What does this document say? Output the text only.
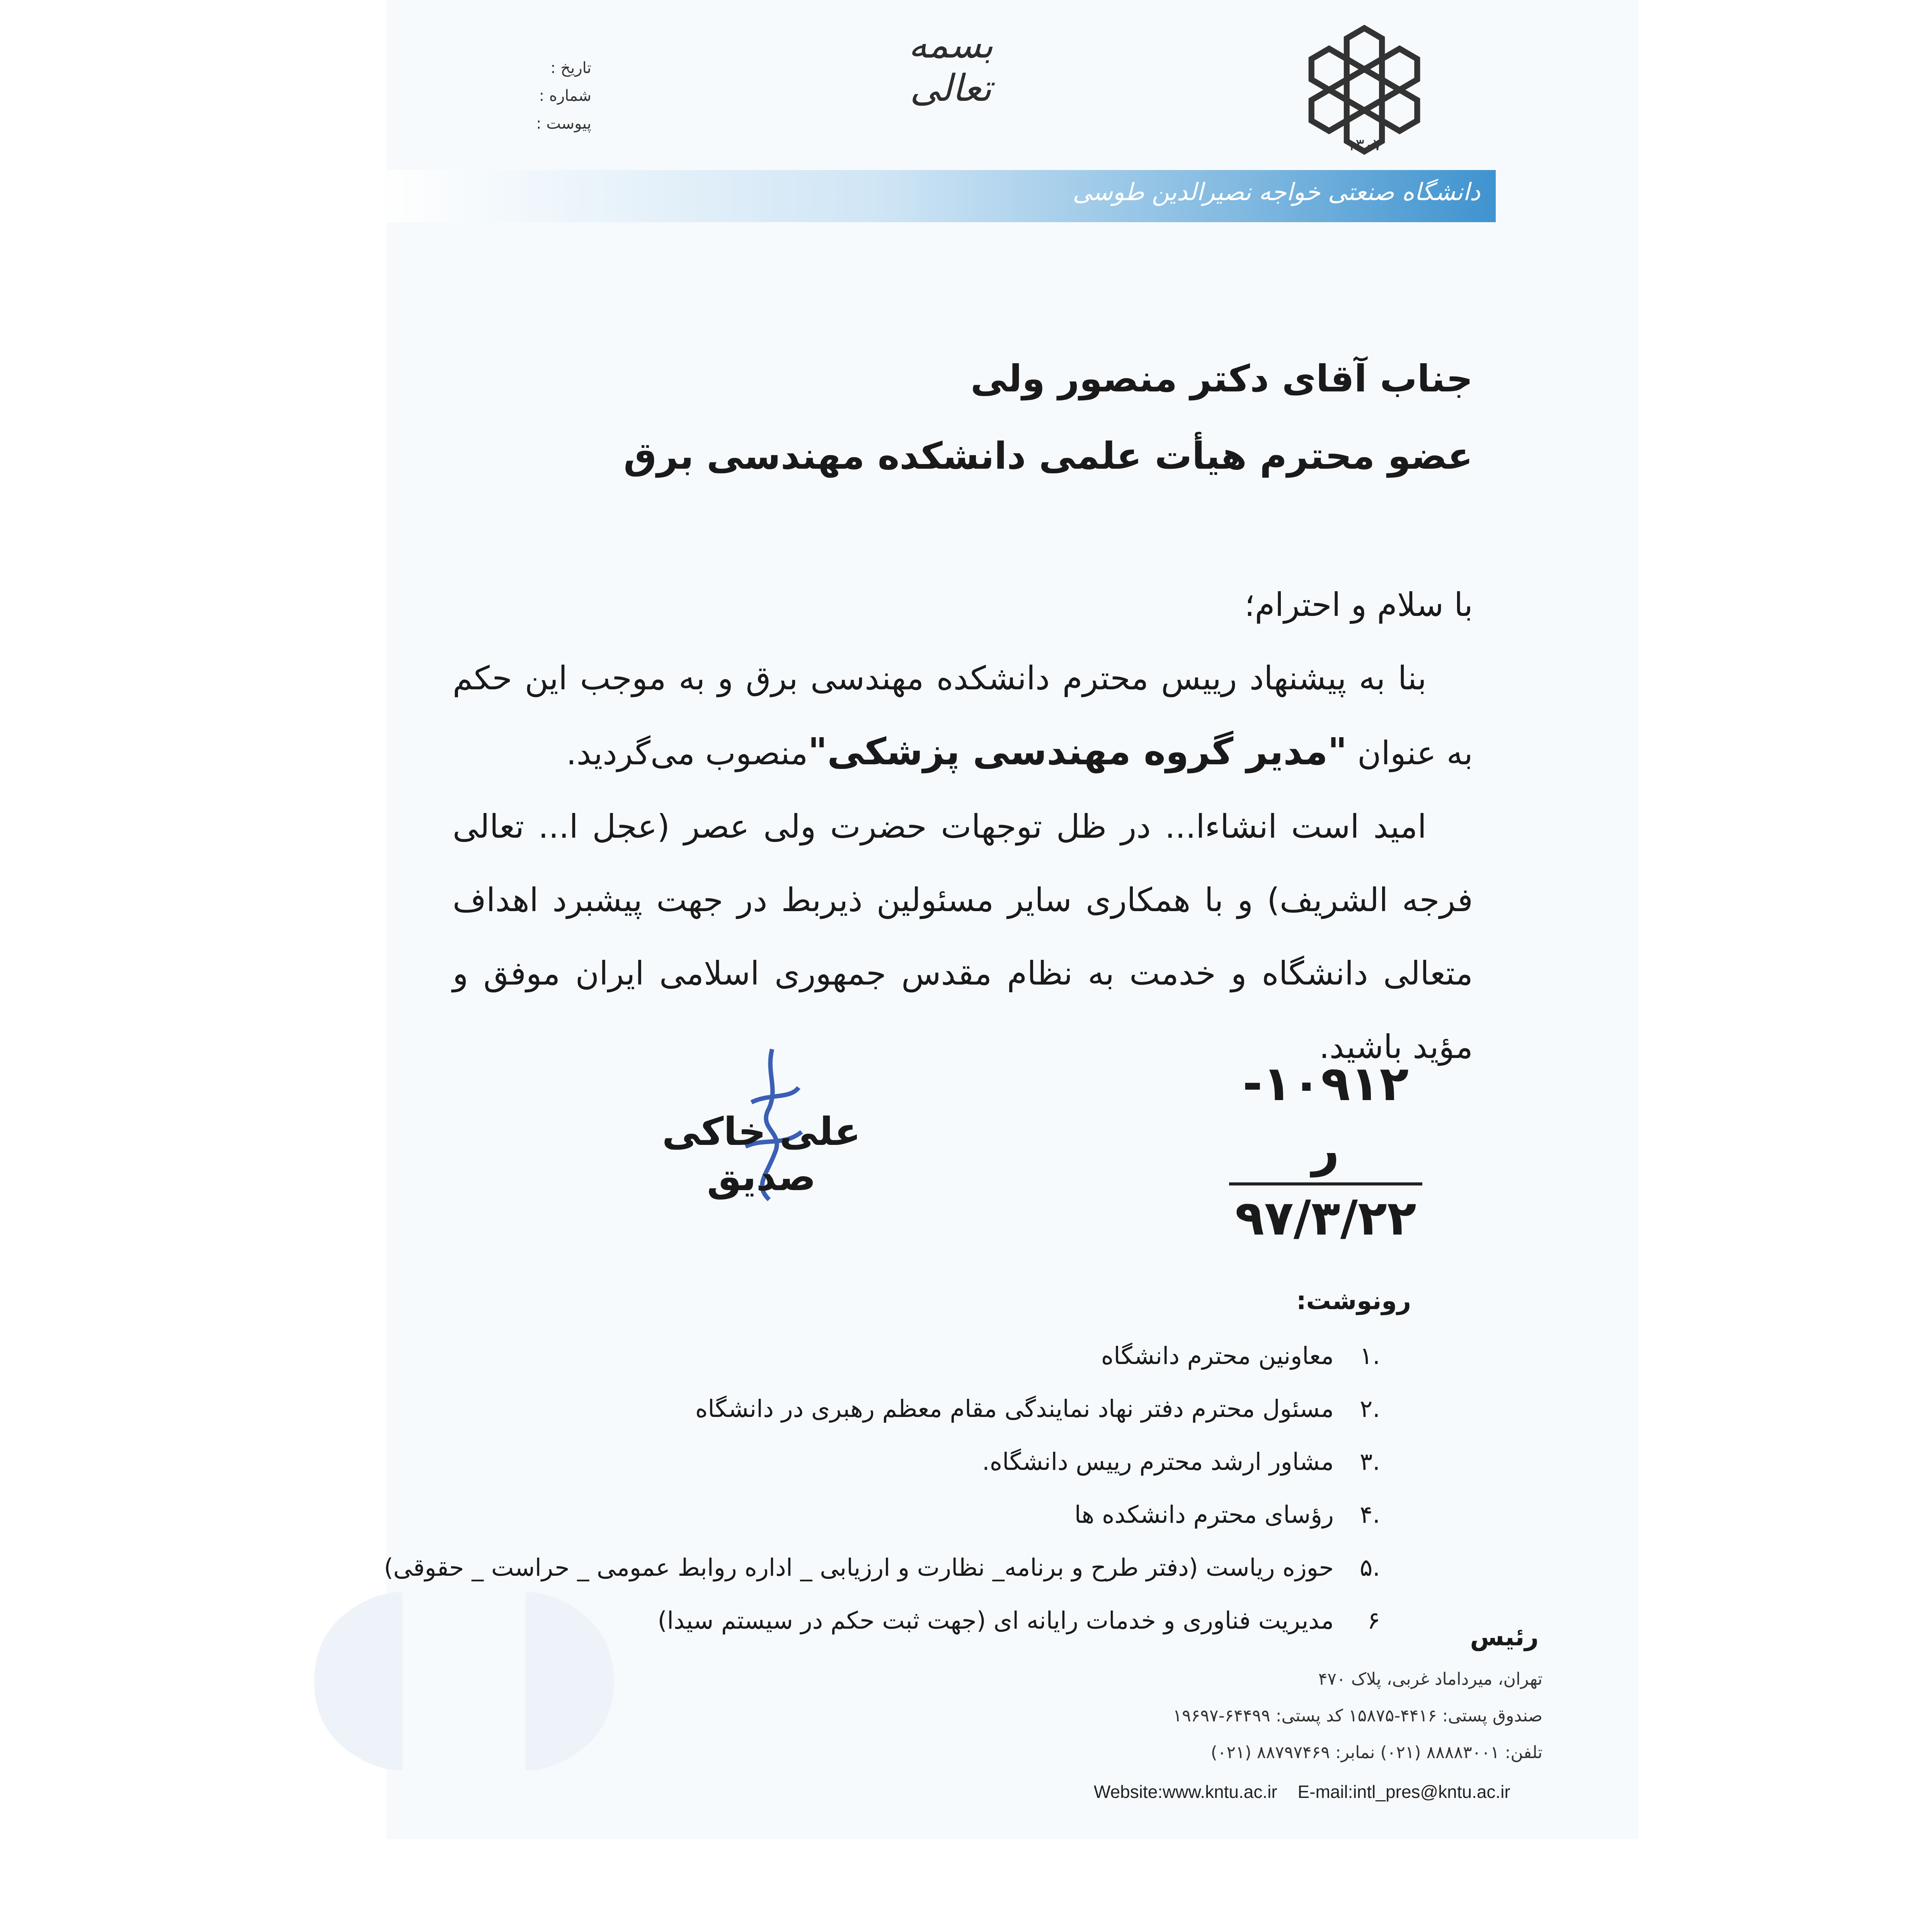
◖ ◗
بسمه تعالی
تاریخ :
شماره :
پیوست :
۱۳۰۷
دانشگاه صنعتی خواجه نصیرالدین طوسی
جناب آقای دکتر منصور ولی
عضو محترم هیأت علمی دانشکده مهندسی برق

با سلام و احترام؛

بنا به پیشنهاد رییس محترم دانشکده مهندسی برق و به موجب این حکم به عنوان "مدیر گروه مهندسی پزشکی"منصوب می‌گردید.

امید است انشاءا... در ظل توجهات حضرت ولی عصر (عجل ا... تعالی فرجه الشریف) و با همکاری سایر مسئولین ذیربط در جهت پیشبرد اهداف متعالی دانشگاه و خدمت به نظام مقدس جمهوری اسلامی ایران موفق و مؤید باشید.

علی خاکی صدیق
۱۰۹۱۲- ر
۹۷/۳/۲۲
رونوشت:
.۱
معاونین محترم دانشگاه
.۲
مسئول محترم دفتر نهاد نمایندگی مقام معظم رهبری در دانشگاه
.۳
مشاور ارشد محترم رییس دانشگاه.
.۴
رؤسای محترم دانشکده ها
.۵
حوزه ریاست (دفتر طرح و برنامه_ نظارت و ارزیابی _ اداره روابط عمومی _ حراست _ حقوقی)
۶
مدیریت فناوری و خدمات رایانه ای (جهت ثبت حکم در سیستم سیدا)
رئیس
تهران، میرداماد غربی، پلاک ۴۷۰
صندوق پستی: ۴۴۱۶-۱۵۸۷۵ کد پستی: ۶۴۴۹۹-۱۹۶۹۷
تلفن: ۸۸۸۸۳۰۰۱ (۰۲۱) نمابر: ۸۸۷۹۷۴۶۹ (۰۲۱)
Website:www.kntu.ac.ir E-mail:intl_pres@kntu.ac.ir
